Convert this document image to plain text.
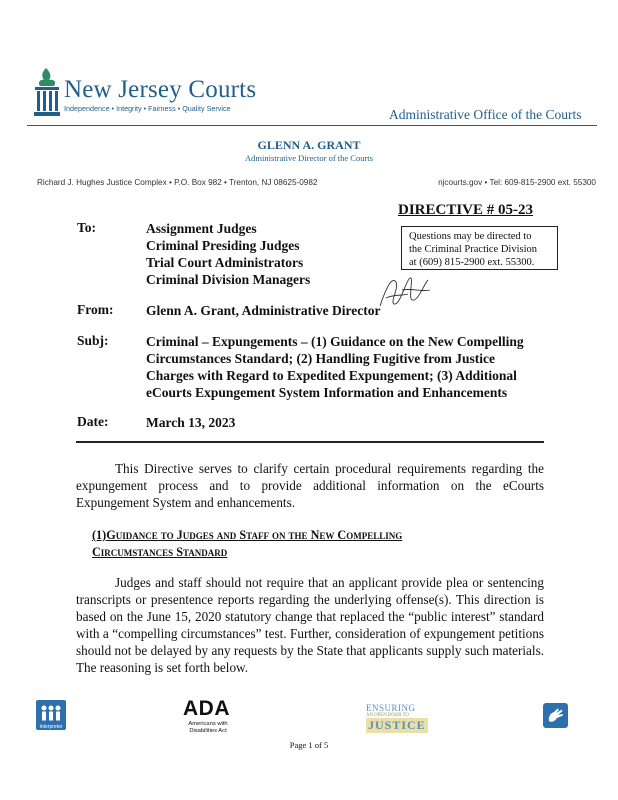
New Jersey Courts
Independence • Integrity • Fairness • Quality Service	Administrative Office of the Courts
GLENN A. GRANT
Administrative Director of the Courts
Richard J. Hughes Justice Complex • P.O. Box 982 • Trenton, NJ 08625-0982	njcourts.gov • Tel: 609-815-2900 ext. 55300
DIRECTIVE # 05-23
To:	Assignment Judges
Criminal Presiding Judges
Trial Court Administrators
Criminal Division Managers
Questions may be directed to
the Criminal Practice Division
at (609) 815-2900 ext. 55300.
From: Glenn A. Grant, Administrative Director
Subj:	Criminal – Expungements – (1) Guidance on the New Compelling
Circumstances Standard; (2) Handling Fugitive from Justice
Charges with Regard to Expedited Expungement; (3) Additional
eCourts Expungement System Information and Enhancements
Date:	March 13, 2023
This Directive serves to clarify certain procedural requirements regarding the expungement process and to provide additional information on the eCourts Expungement System and enhancements.
(1)Guidance to Judges and Staff on the New Compelling
Circumstances Standard
Judges and staff should not require that an applicant provide plea or sentencing transcripts or presentence reports regarding the underlying offense(s). This direction is based on the June 15, 2020 statutory change that replaced the “public interest” standard with a “compelling circumstances” test. Further, consideration of expungement petitions should not be delayed by any requests by the State that applicants supply such materials. The reasoning is set forth below.
Interpreter
ADA
Americans with Disabilities Act
ENSURING
AN OPEN DOOR TO
JUSTICE
Page 1 of 5
